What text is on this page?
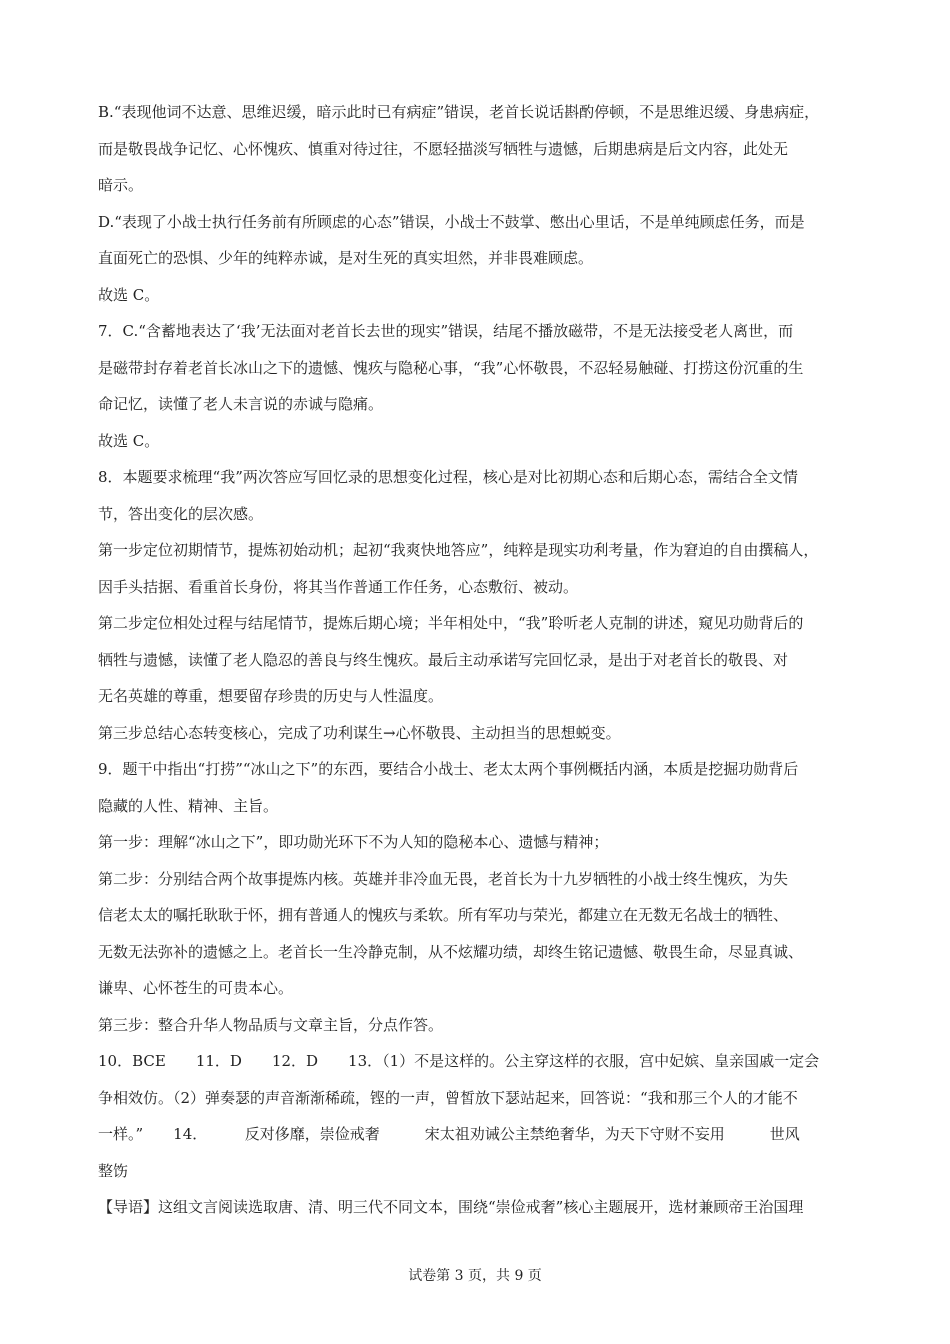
B.“表现他词不达意、思维迟缓，暗示此时已有病症”错误，老首长说话斟酌停顿，不是思维迟缓、身患病症，
而是敬畏战争记忆、心怀愧疚、慎重对待过往，不愿轻描淡写牺牲与遗憾，后期患病是后文内容，此处无
暗示。
D.“表现了小战士执行任务前有所顾虑的心态”错误，小战士不鼓掌、憋出心里话，不是单纯顾虑任务，而是
直面死亡的恐惧、少年的纯粹赤诚，是对生死的真实坦然，并非畏难顾虑。
故选 C。
7．C.“含蓄地表达了‘我’无法面对老首长去世的现实”错误，结尾不播放磁带，不是无法接受老人离世，而
是磁带封存着老首长冰山之下的遗憾、愧疚与隐秘心事，“我”心怀敬畏，不忍轻易触碰、打捞这份沉重的生
命记忆，读懂了老人未言说的赤诚与隐痛。
故选 C。
8．本题要求梳理“我”两次答应写回忆录的思想变化过程，核心是对比初期心态和后期心态，需结合全文情
节，答出变化的层次感。
第一步定位初期情节，提炼初始动机；起初“我爽快地答应”，纯粹是现实功利考量，作为窘迫的自由撰稿人，
因手头拮据、看重首长身份，将其当作普通工作任务，心态敷衍、被动。
第二步定位相处过程与结尾情节，提炼后期心境；半年相处中，“我”聆听老人克制的讲述，窥见功勋背后的
牺牲与遗憾，读懂了老人隐忍的善良与终生愧疚。最后主动承诺写完回忆录，是出于对老首长的敬畏、对
无名英雄的尊重，想要留存珍贵的历史与人性温度。
第三步总结心态转变核心，完成了功利谋生→心怀敬畏、主动担当的思想蜕变。
9．题干中指出“打捞”“冰山之下”的东西，要结合小战士、老太太两个事例概括内涵，本质是挖掘功勋背后
隐藏的人性、精神、主旨。
第一步：理解“冰山之下”，即功勋光环下不为人知的隐秘本心、遗憾与精神；
第二步：分别结合两个故事提炼内核。英雄并非冷血无畏，老首长为十九岁牺牲的小战士终生愧疚，为失
信老太太的嘱托耿耿于怀，拥有普通人的愧疚与柔软。所有军功与荣光，都建立在无数无名战士的牺牲、
无数无法弥补的遗憾之上。老首长一生冷静克制，从不炫耀功绩，却终生铭记遗憾、敬畏生命，尽显真诚、
谦卑、心怀苍生的可贵本心。
第三步：整合升华人物品质与文章主旨，分点作答。
10．BCE　　11．D　　12．D　　13．（1）不是这样的。公主穿这样的衣服，宫中妃嫔、皇亲国戚一定会
争相效仿。（2）弹奏瑟的声音渐渐稀疏，铿的一声，曾皙放下瑟站起来，回答说：“我和那三个人的才能不
一样。”　　14．　　　反对侈靡，崇俭戒奢　　　宋太祖劝诫公主禁绝奢华，为天下守财不妄用　　　世风
整饬
【导语】这组文言阅读选取唐、清、明三代不同文本，围绕“崇俭戒奢”核心主题展开，选材兼顾帝王治国理
试卷第 3 页，共 9 页
